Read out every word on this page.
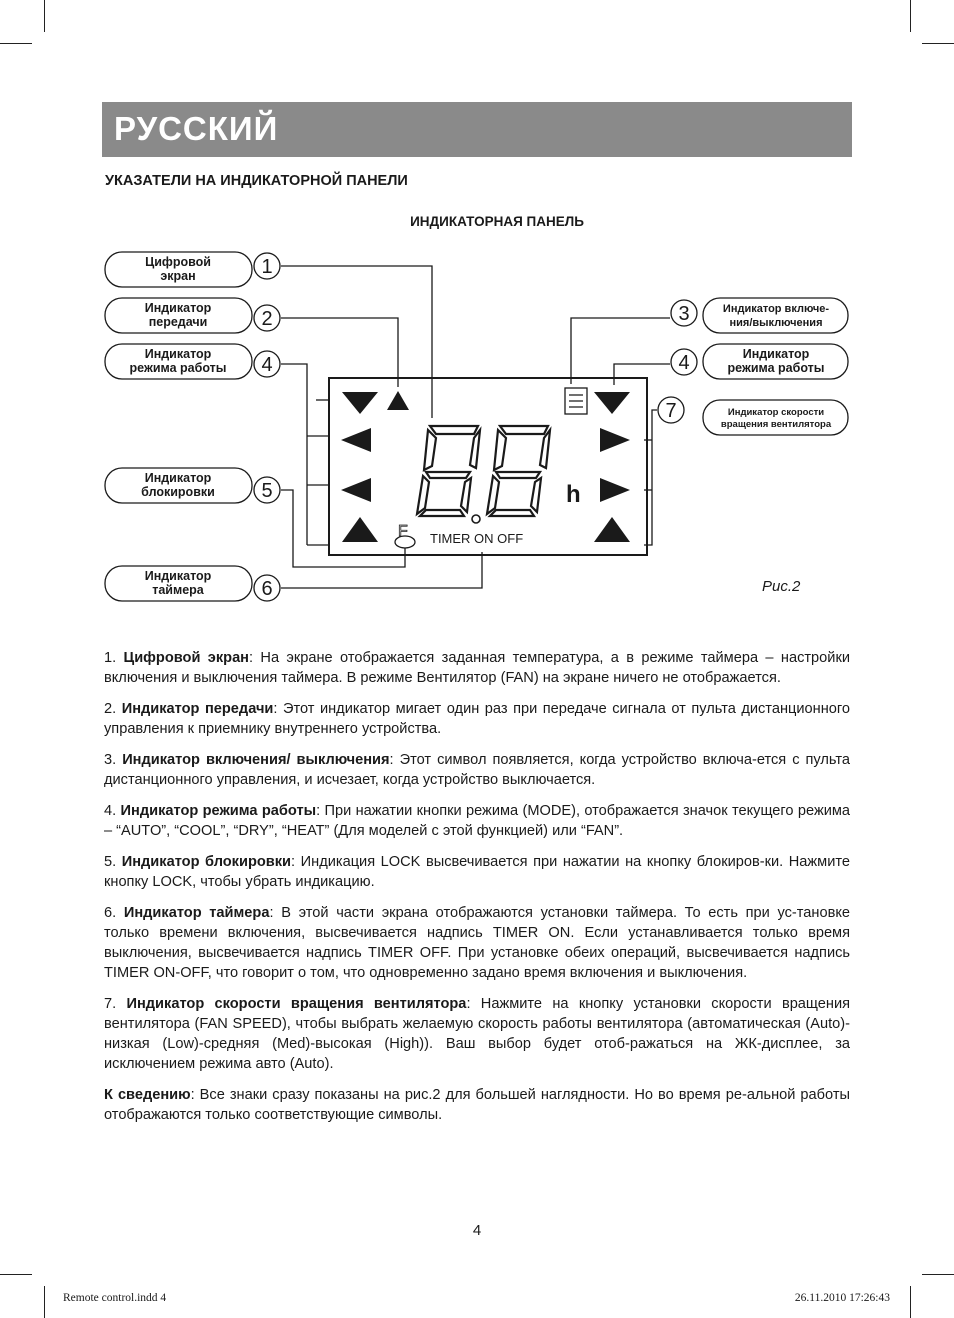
РУССКИЙ
УКАЗАТЕЛИ НА ИНДИКАТОРНОЙ ПАНЕЛИ
ИНДИКАТОРНАЯ ПАНЕЛЬ
Цифровой
экран
Индикатор
передачи
Индикатор
режима работы
Индикатор
блокировки
Индикатор
таймера
Индикатор включе-
ния/выключения
Индикатор
режима работы
Индикатор скорости
вращения вентилятора
1
2
4
5
6
3
4
7
h
F TIMER ON OFF
Рис.2

1. Цифровой экран: На экране отображается заданная температура, а в режиме таймера – настройки включения и выключения таймера. В режиме Вентилятор (FAN) на экране ничего не отображается.

2. Индикатор передачи: Этот индикатор мигает один раз при передаче сигнала от пульта дистанционного управления к приемнику внутреннего устройства.

3. Индикатор включения/ выключения: Этот символ появляется, когда устройство включа-ется с пульта дистанционного управления, и исчезает, когда устройство выключается.

4. Индикатор режима работы: При нажатии кнопки режима (MODE), отображается значок текущего режима – “AUTO”, “COOL”, “DRY”, “HEAT” (Для моделей с этой функцией) или “FAN”.

5. Индикатор блокировки: Индикация LOCK высвечивается при нажатии на кнопку блокиров-ки. Нажмите кнопку LOCK, чтобы убрать индикацию.

6. Индикатор таймера: В этой части экрана отображаются установки таймера. То есть при ус-тановке только времени включения, высвечивается надпись TIMER ON. Если устанавливается только время выключения, высвечивается надпись TIMER OFF. При установке обеих операций, высвечивается надпись TIMER ON-OFF, что говорит о том, что одновременно задано время включения и выключения.

7. Индикатор скорости вращения вентилятора: Нажмите на кнопку установки скорости вращения вентилятора (FAN SPEED), чтобы выбрать желаемую скорость работы вентилятора (автоматическая (Auto)- низкая (Low)-средняя (Med)-высокая (High)). Ваш выбор будет отоб-ражаться на ЖК-дисплее, за исключением режима авто (Auto).

К сведению: Все знаки сразу показаны на рис.2 для большей наглядности. Но во время ре-альной работы отображаются только соответствующие символы.

4
Remote control.indd 4	26.11.2010 17:26:43
